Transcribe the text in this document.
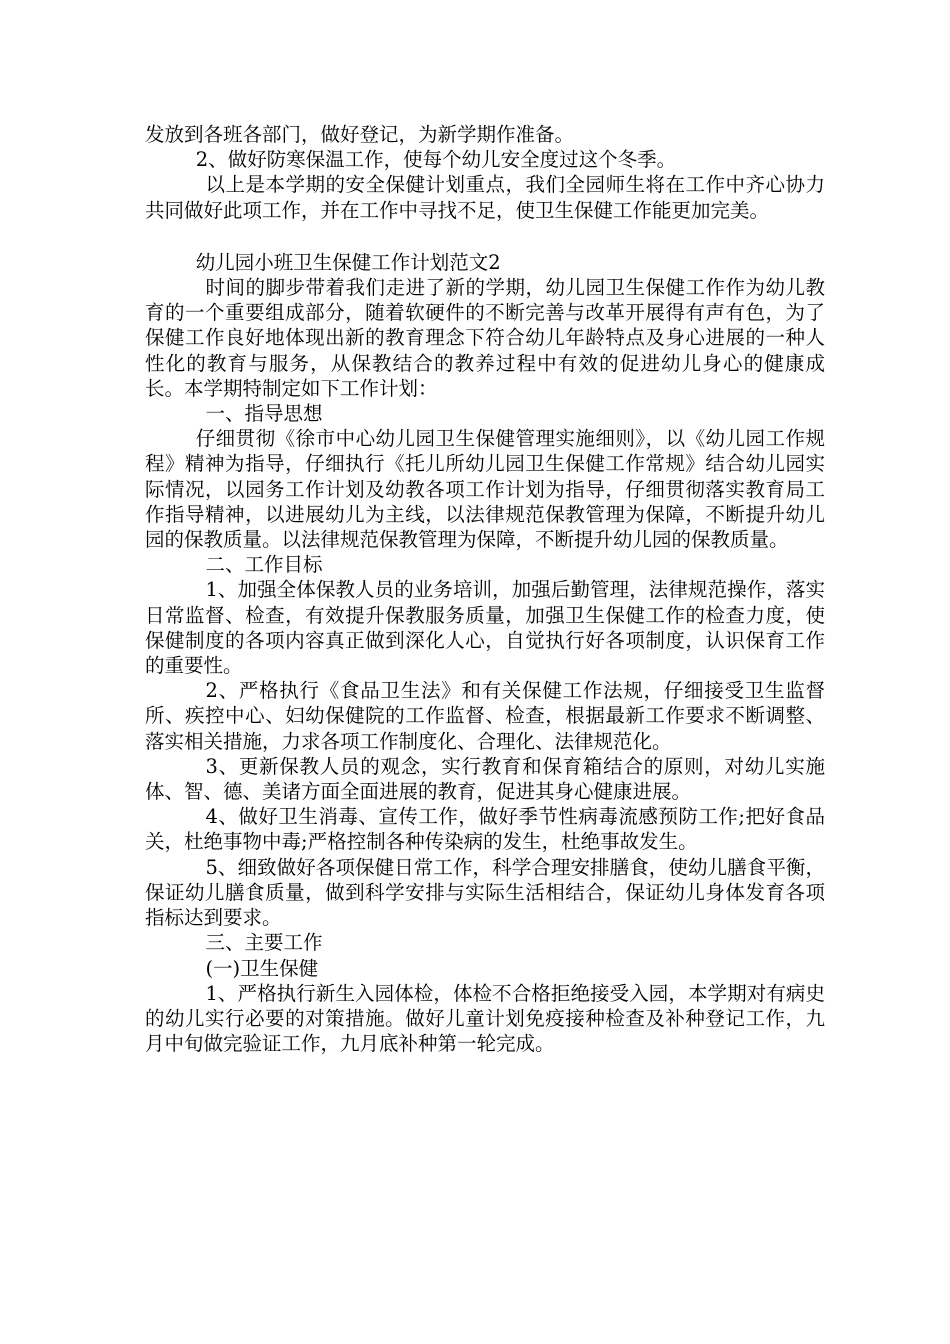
发放到各班各部门，做好登记，为新学期作准备。

2、做好防寒保温工作，使每个幼儿安全度过这个冬季。

以上是本学期的安全保健计划重点，我们全园师生将在工作中齐心协力共同做好此项工作，并在工作中寻找不足，使卫生保健工作能更加完美。

幼儿园小班卫生保健工作计划范文2

时间的脚步带着我们走进了新的学期，幼儿园卫生保健工作作为幼儿教育的一个重要组成部分，随着软硬件的不断完善与改革开展得有声有色，为了保健工作良好地体现出新的教育理念下符合幼儿年龄特点及身心进展的一种人性化的教育与服务，从保教结合的教养过程中有效的促进幼儿身心的健康成长。本学期特制定如下工作计划：

一、指导思想

仔细贯彻《徐市中心幼儿园卫生保健管理实施细则》，以《幼儿园工作规程》精神为指导，仔细执行《托儿所幼儿园卫生保健工作常规》结合幼儿园实际情况，以园务工作计划及幼教各项工作计划为指导，仔细贯彻落实教育局工作指导精神，以进展幼儿为主线，以法律规范保教管理为保障，不断提升幼儿园的保教质量。以法律规范保教管理为保障，不断提升幼儿园的保教质量。

二、工作目标

1、加强全体保教人员的业务培训，加强后勤管理，法律规范操作，落实日常监督、检查，有效提升保教服务质量，加强卫生保健工作的检查力度，使保健制度的各项内容真正做到深化人心，自觉执行好各项制度，认识保育工作的重要性。

2、严格执行《食品卫生法》和有关保健工作法规，仔细接受卫生监督所、疾控中心、妇幼保健院的工作监督、检查，根据最新工作要求不断调整、落实相关措施，力求各项工作制度化、合理化、法律规范化。

3、更新保教人员的观念，实行教育和保育箱结合的原则，对幼儿实施体、智、德、美诸方面全面进展的教育，促进其身心健康进展。

4、做好卫生消毒、宣传工作，做好季节性病毒流感预防工作;把好食品关，杜绝事物中毒;严格控制各种传染病的发生，杜绝事故发生。

5、细致做好各项保健日常工作，科学合理安排膳食，使幼儿膳食平衡，保证幼儿膳食质量，做到科学安排与实际生活相结合，保证幼儿身体发育各项指标达到要求。

三、主要工作

(一)卫生保健

1、严格执行新生入园体检，体检不合格拒绝接受入园，本学期对有病史的幼儿实行必要的对策措施。做好儿童计划免疫接种检查及补种登记工作，九月中旬做完验证工作，九月底补种第一轮完成。
